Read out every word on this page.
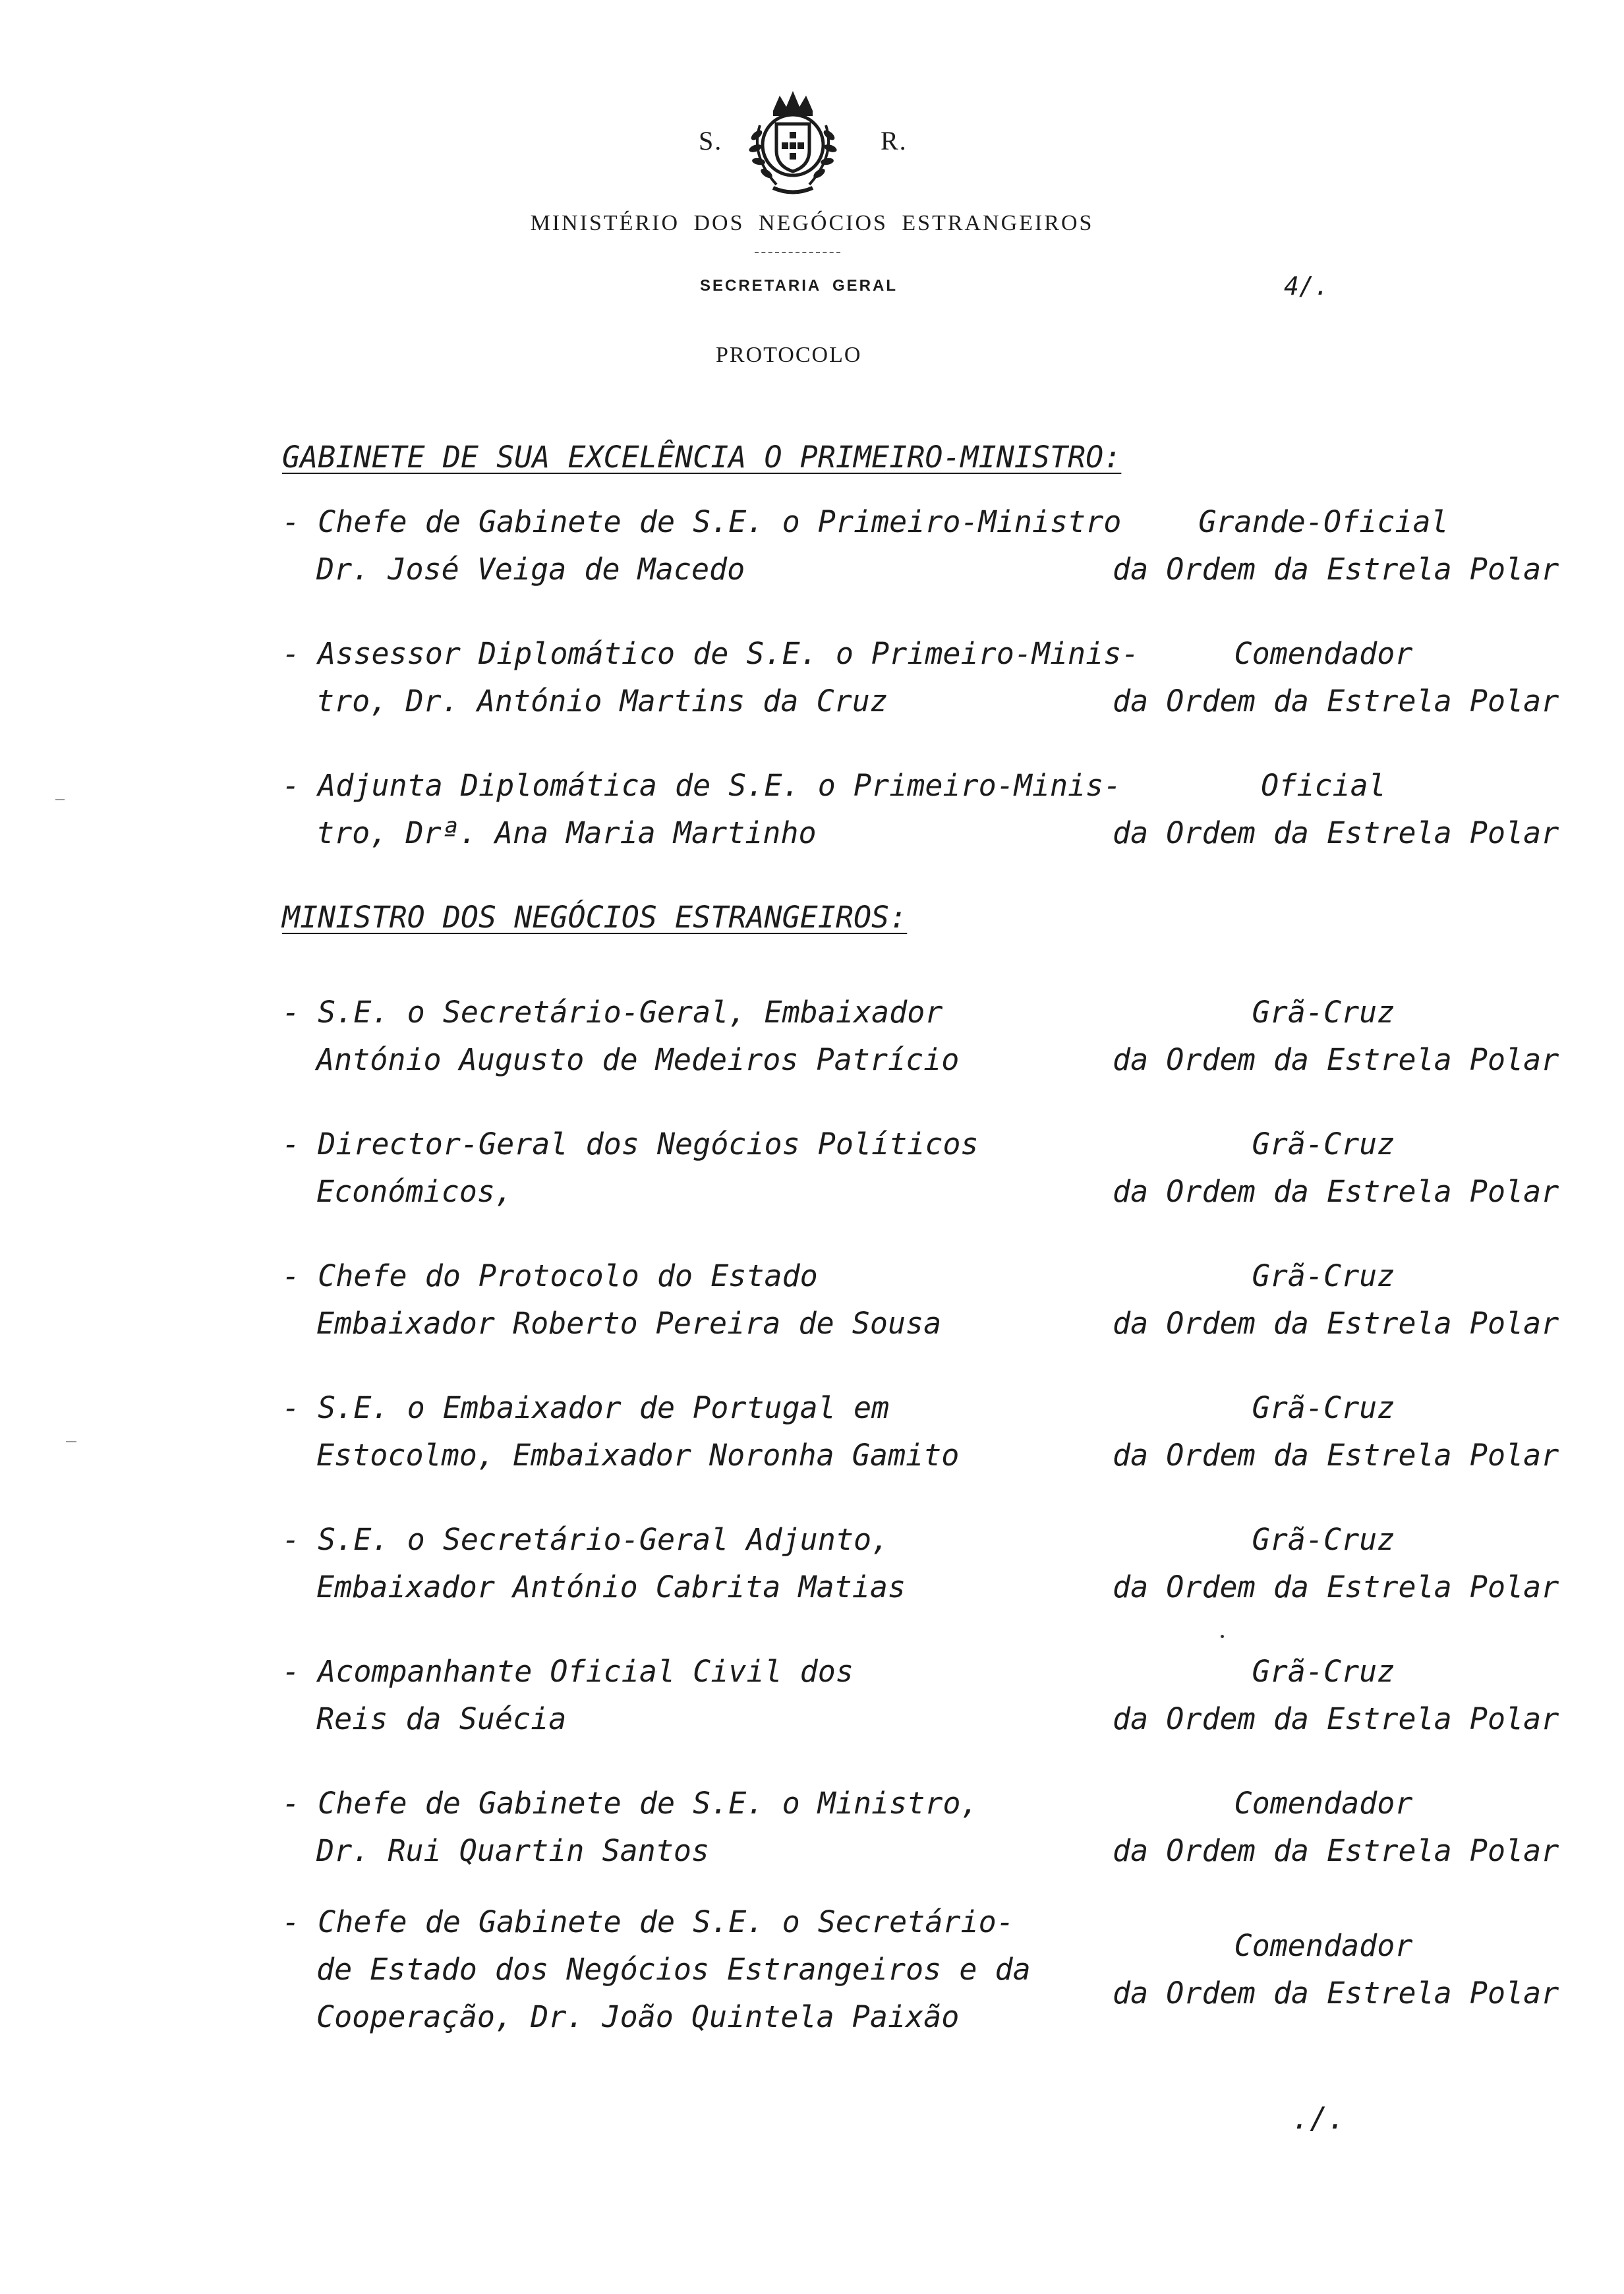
S.	R.
MINISTÉRIO DOS NEGÓCIOS ESTRANGEIROS
SECRETARIA GERAL	4/.
PROTOCOLO
GABINETE DE SUA EXCELÊNCIA O PRIMEIRO-MINISTRO:
- Chefe de Gabinete de S.E. o Primeiro-Ministro
Dr. José Veiga de Macedo
Grande-Oficial
da Ordem da Estrela Polar
- Assessor Diplomático de S.E. o Primeiro-Minis-
tro, Dr. António Martins da Cruz
Comendador
da Ordem da Estrela Polar
- Adjunta Diplomática de S.E. o Primeiro-Minis-
tro, Drª. Ana Maria Martinho
Oficial
da Ordem da Estrela Polar
MINISTRO DOS NEGÓCIOS ESTRANGEIROS:
- S.E. o Secretário-Geral, Embaixador
António Augusto de Medeiros Patrício
Grã-Cruz
da Ordem da Estrela Polar
- Director-Geral dos Negócios Políticos
Económicos,
Grã-Cruz
da Ordem da Estrela Polar
- Chefe do Protocolo do Estado
Embaixador Roberto Pereira de Sousa
Grã-Cruz
da Ordem da Estrela Polar
- S.E. o Embaixador de Portugal em
Estocolmo, Embaixador Noronha Gamito
Grã-Cruz
da Ordem da Estrela Polar
- S.E. o Secretário-Geral Adjunto,
Embaixador António Cabrita Matias
Grã-Cruz
da Ordem da Estrela Polar
- Acompanhante Oficial Civil dos
Reis da Suécia
Grã-Cruz
da Ordem da Estrela Polar
- Chefe de Gabinete de S.E. o Ministro,
Dr. Rui Quartin Santos
Comendador
da Ordem da Estrela Polar
- Chefe de Gabinete de S.E. o Secretário-
de Estado dos Negócios Estrangeiros e da
Cooperação, Dr. João Quintela Paixão
Comendador
da Ordem da Estrela Polar
./.
